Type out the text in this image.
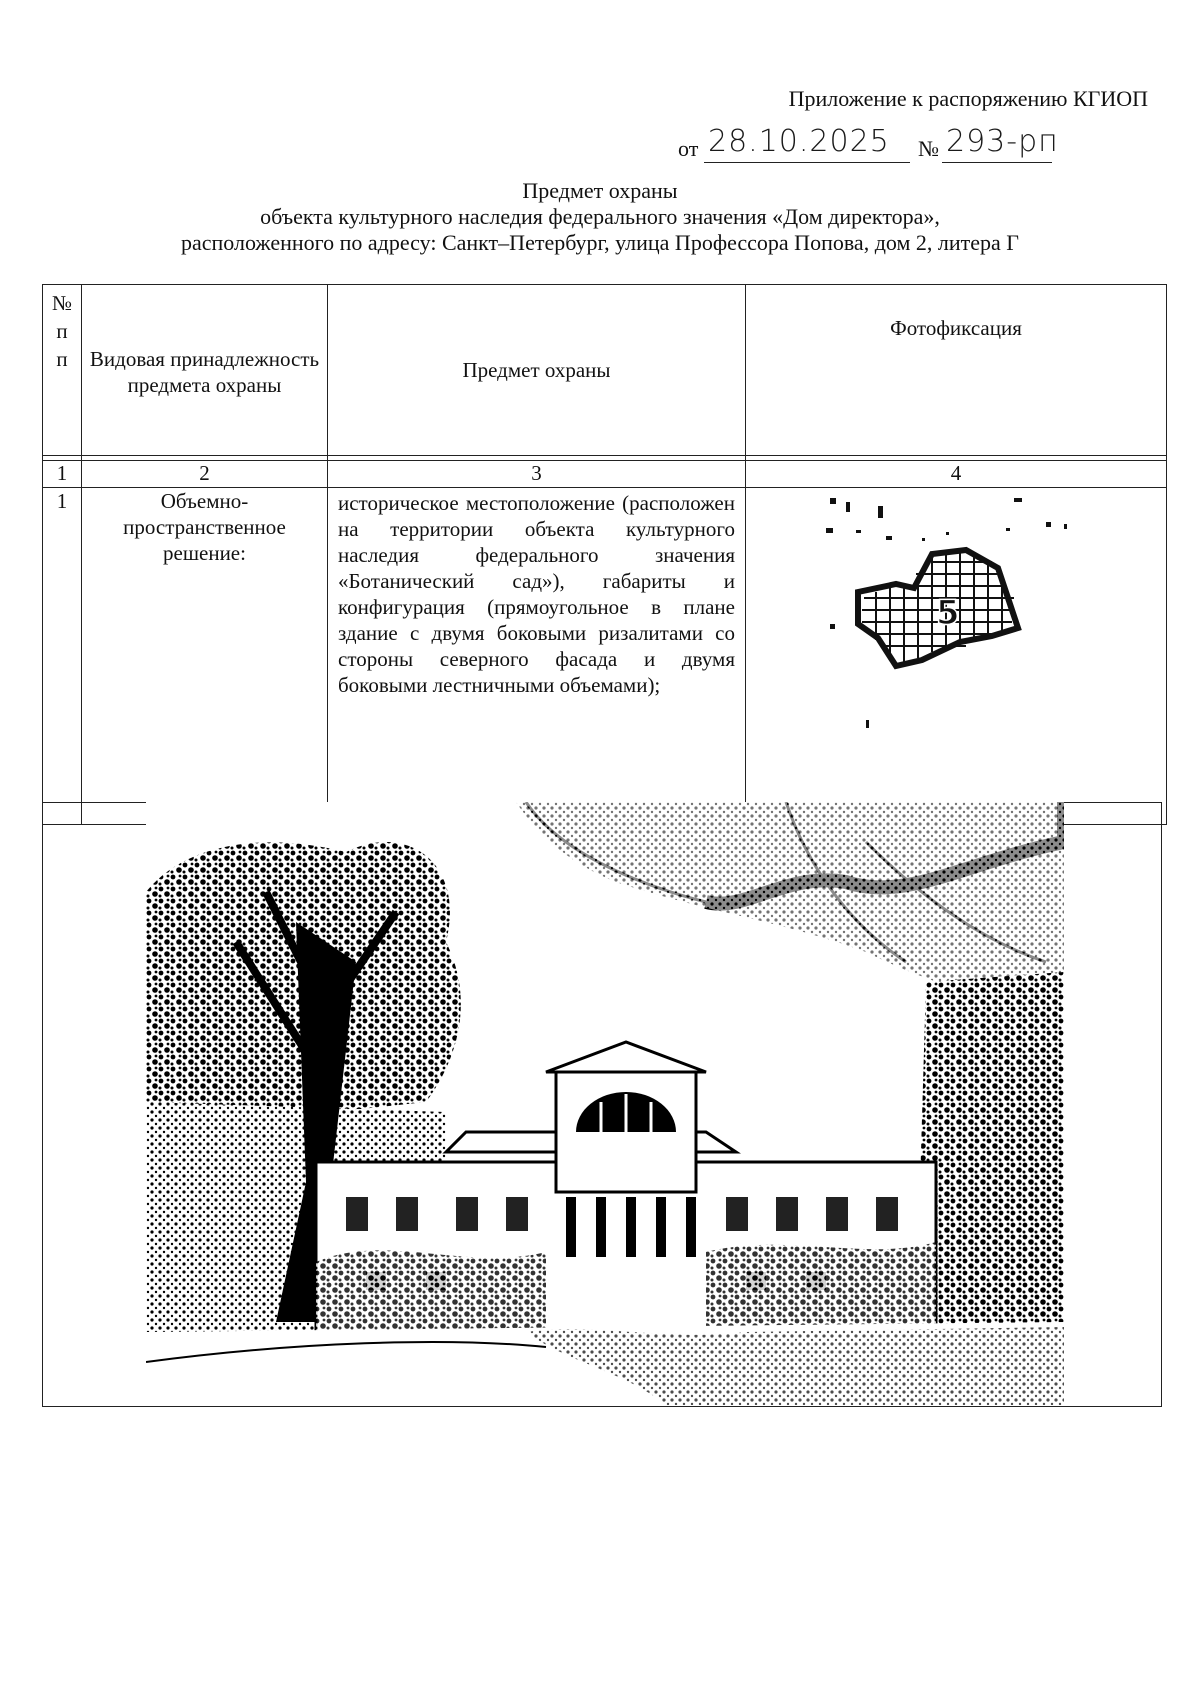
Приложение к распоряжению КГИОП
от 28.10.2025 № 293-рп
Предмет охраны
объекта культурного наследия федерального значения «Дом директора»,
расположенного по адресу: Санкт–Петербург, улица Профессора Попова, дом 2, литера Г
№
п
п	Видовая принадлежность предмета охраны	Предмет охраны	Фотофиксация

1	2	3	4
1	Объемно-пространственное решение:	историческое местоположение (расположен на территории объекта культурного наследия федерального значения «Ботанический сад»), габариты и конфигурация (прямоугольное в плане здание с двумя боковыми ризалитами со стороны северного фасада и двумя боковыми лестничными объемами);	5
